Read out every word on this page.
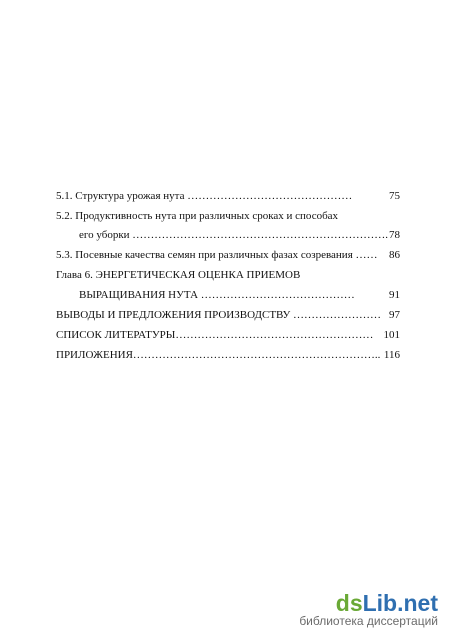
5.1. Структура урожая нута ………………………………………	75
5.2. Продуктивность нута при различных сроках и способах
его уборки ……………………………………………………………. 78
5.3. Посевные качества семян при различных фазах созревания …… 86
Глава 6. ЭНЕРГЕТИЧЕСКАЯ ОЦЕНКА ПРИЕМОВ
ВЫРАЩИВАНИЯ НУТА ……………………………………	91
ВЫВОДЫ И ПРЕДЛОЖЕНИЯ ПРОИЗВОДСТВУ …………………… 97
СПИСОК ЛИТЕРАТУРЫ……………………………………………… 101
ПРИЛОЖЕНИЯ………………………………………………………….. 116
dsLib.net
библиотека диссертаций
